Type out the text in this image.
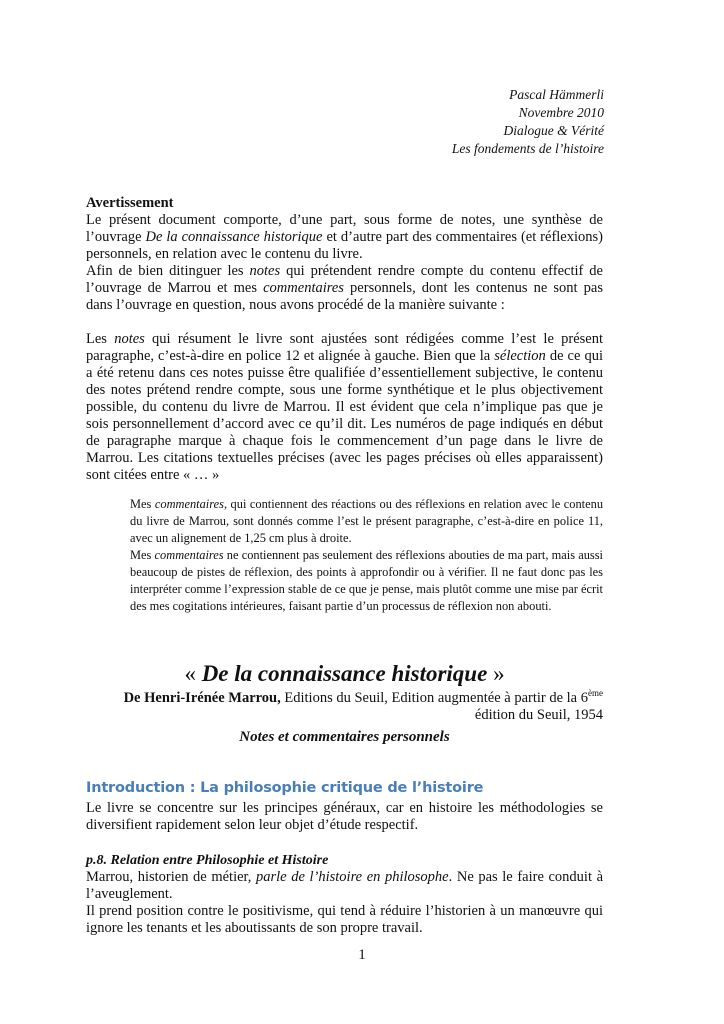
Pascal Hämmerli
Novembre 2010
Dialogue & Vérité
Les fondements de l’histoire

Avertissement

Le présent document comporte, d’une part, sous forme de notes, une synthèse de l’ouvrage De la connaissance historique et d’autre part des commentaires (et réflexions) personnels, en relation avec le contenu du livre.

Afin de bien ditinguer les notes qui prétendent rendre compte du contenu effectif de l’ouvrage de Marrou et mes commentaires personnels, dont les contenus ne sont pas dans l’ouvrage en question, nous avons procédé de la manière suivante :

Les notes qui résument le livre sont ajustées sont rédigées comme l’est le présent paragraphe, c’est-à-dire en police 12 et alignée à gauche. Bien que la sélection de ce qui a été retenu dans ces notes puisse être qualifiée d’essentiellement subjective, le contenu des notes prétend rendre compte, sous une forme synthétique et le plus objectivement possible, du contenu du livre de Marrou. Il est évident que cela n’implique pas que je sois personnellement d’accord avec ce qu’il dit. Les numéros de page indiqués en début de paragraphe marque à chaque fois le commencement d’un page dans le livre de Marrou. Les citations textuelles précises (avec les pages précises où elles apparaissent) sont citées entre « … »

Mes commentaires, qui contiennent des réactions ou des réflexions en relation avec le contenu du livre de Marrou, sont donnés comme l’est le présent paragraphe, c’est-à-dire en police 11, avec un alignement de 1,25 cm plus à droite.

Mes commentaires ne contiennent pas seulement des réflexions abouties de ma part, mais aussi beaucoup de pistes de réflexion, des points à approfondir ou à vérifier. Il ne faut donc pas les interpréter comme l’expression stable de ce que je pense, mais plutôt comme une mise par écrit des mes cogitations intérieures, faisant partie d’un processus de réflexion non abouti.

« De la connaissance historique »
De Henri-Irénée Marrou, Editions du Seuil, Edition augmentée à partir de la 6ème
édition du Seuil, 1954
Notes et commentaires personnels
Introduction : La philosophie critique de l’histoire

Le livre se concentre sur les principes généraux, car en histoire les méthodologies se diversifient rapidement selon leur objet d’étude respectif.

p.8. Relation entre Philosophie et Histoire

Marrou, historien de métier, parle de l’histoire en philosophe. Ne pas le faire conduit à l’aveuglement.

Il prend position contre le positivisme, qui tend à réduire l’historien à un manœuvre qui ignore les tenants et les aboutissants de son propre travail.

1
